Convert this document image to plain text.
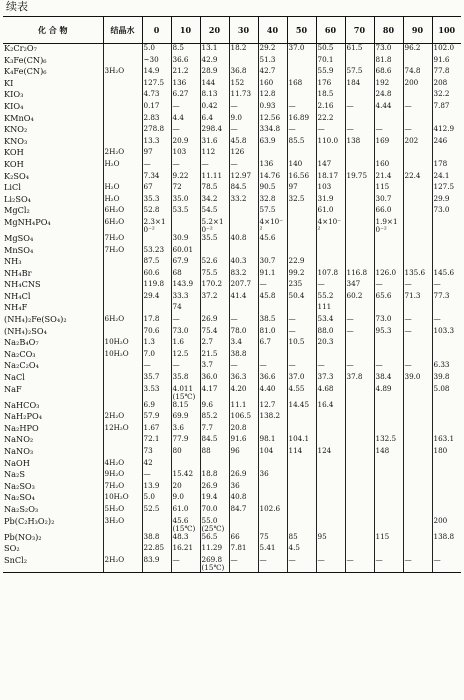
续表
化 合 物	结晶水	0	10	20	30	40	50	60	70	80	90	100
K₂Cr₂O₇		5.0	8.5	13.1	18.2	29.2	37.0	50.5	61.5	73.0	96.2	102.0
K₃Fe(CN)₆		~30	36.6	42.9		51.3		70.1		81.8		91.6
K₄Fe(CN)₆	3H₂O	14.9	21.2	28.9	36.8	42.7		55.9	57.5	68.6	74.8	77.8
KI		127.5	136	144	152	160	168	176	184	192	200	208
KIO₃		4.73	6.27	8.13	11.73	12.8		18.5		24.8		32.2
KIO₄		0.17	—	0.42	—	0.93	—	2.16	—	4.44	—	7.87
KMnO₄		2.83	4.4	6.4	9.0	12.56	16.89	22.2				
KNO₂		278.8	—	298.4	—	334.8	—	—	—	—	—	412.9
KNO₃		13.3	20.9	31.6	45.8	63.9	85.5	110.0	138	169	202	246
KOH	2H₂O	97	103	112	126							
KOH	H₂O	—	—	—	—	136	140	147		160		178
K₂SO₄		7.34	9.22	11.11	12.97	14.76	16.56	18.17	19.75	21.4	22.4	24.1
LiCl	H₂O	67	72	78.5	84.5	90.5	97	103		115		127.5
Li₂SO₄	H₂O	35.3	35.0	34.2	33.2	32.8	32.5	31.9		30.7		29.9
MgCl₂	6H₂O	52.8	53.5	54.5		57.5		61.0		66.0		73.0
MgNH₄PO₄	6H₂O	2.3×10⁻²		5.2×10⁻²		4×10⁻²		4×10⁻²		1.9×10⁻²		
MgSO₄	7H₂O		30.9	35.5	40.8	45.6						
MnSO₄	7H₂O	53.23	60.01									
NH₃		87.5	67.9	52.6	40.3	30.7	22.9					
NH₄Br		60.6	68	75.5	83.2	91.1	99.2	107.8	116.8	126.0	135.6	145.6
NH₄CNS		119.8	143.9	170.2	207.7	—	235	—	347	—	—	—
NH₄Cl		29.4	33.3	37.2	41.4	45.8	50.4	55.2	60.2	65.6	71.3	77.3
NH₄F			74					111				
(NH₄)₂Fe(SO₄)₂	6H₂O	17.8	—	26.9	—	38.5	—	53.4	—	73.0	—	—
(NH₄)₂SO₄		70.6	73.0	75.4	78.0	81.0	—	88.0	—	95.3	—	103.3
Na₂B₄O₇	10H₂O	1.3	1.6	2.7	3.4	6.7	10.5	20.3				
Na₂CO₃	10H₂O	7.0	12.5	21.5	38.8							
Na₂C₂O₄		—	—	3.7	—	—	—	—	—	—	—	6.33
NaCl		35.7	35.8	36.0	36.3	36.6	37.0	37.3	37.8	38.4	39.0	39.8
NaF		3.53	4.011 (15℃)	4.17	4.20	4.40	4.55	4.68		4.89		5.08
NaHCO₃		6.9	8.15	9.6	11.1	12.7	14.45	16.4				
NaH₂PO₄	2H₂O	57.9	69.9	85.2	106.5	138.2						
Na₂HPO	12H₂O	1.67	3.6	7.7	20.8							
NaNO₂		72.1	77.9	84.5	91.6	98.1	104.1			132.5		163.1
NaNO₃		73	80	88	96	104	114	124		148		180
NaOH	4H₂O	42										
Na₂S	9H₂O	—	15.42	18.8	26.9	36						
Na₂SO₃	7H₂O	13.9	20	26.9	36							
Na₂SO₄	10H₂O	5.0	9.0	19.4	40.8							
Na₂S₂O₃	5H₂O	52.5	61.0	70.0	84.7	102.6						
Pb(C₂H₃O₂)₂	3H₂O		45.6 (15℃)	55.0 (25℃)								200
Pb(NO₃)₂		38.8	48.3	56.5	66	75	85	95		115		138.8
SO₂		22.85	16.21	11.29	7.81	5.41	4.5					
SnCl₂	2H₂O	83.9	—	269.8 (15℃)	—	—	—	—	—	—	—	—
